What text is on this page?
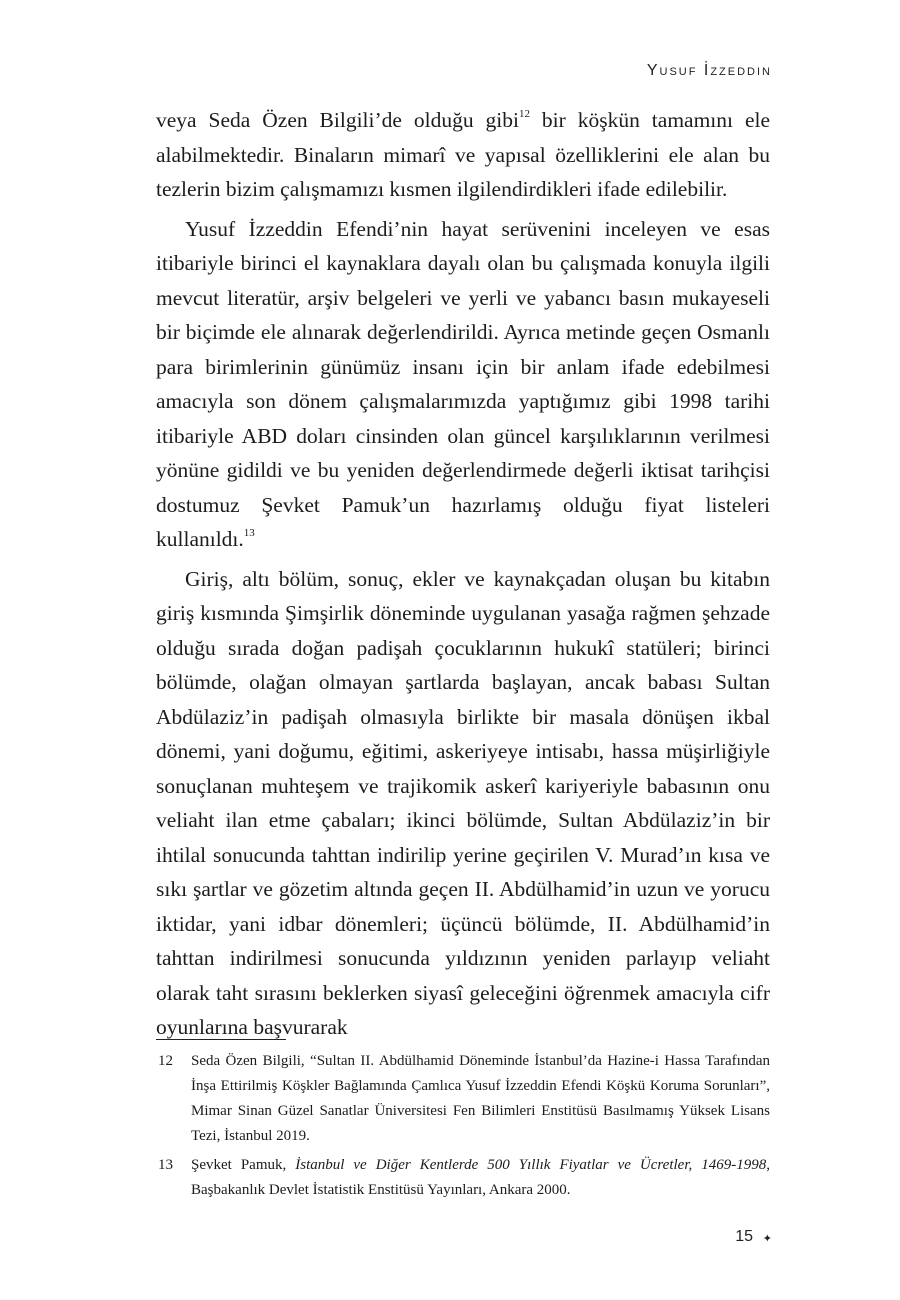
Yusuf İzzeddin

veya Seda Özen Bilgili’de olduğu gibi$^{12}$ bir köşkün tamamını ele alabilmektedir. Binaların mimarî ve yapısal özelliklerini ele alan bu tezlerin bizim çalışmamızı kısmen ilgilendirdikleri ifade edilebilir.

Yusuf İzzeddin Efendi’nin hayat serüvenini inceleyen ve esas itibariyle birinci el kaynaklara dayalı olan bu çalışmada konuyla ilgili mevcut literatür, arşiv belgeleri ve yerli ve yabancı basın mukayeseli bir biçimde ele alınarak değerlendirildi. Ayrıca metinde geçen Osmanlı para birimlerinin günümüz insanı için bir anlam ifade edebilmesi amacıyla son dönem çalışmalarımızda yaptığımız gibi 1998 tarihi itibariyle ABD doları cinsinden olan güncel karşılıklarının verilmesi yönüne gidildi ve bu yeniden değerlendirmede değerli iktisat tarihçisi dostumuz Şevket Pamuk’un hazırlamış olduğu fiyat listeleri kullanıldı.$^{13}$

Giriş, altı bölüm, sonuç, ekler ve kaynakçadan oluşan bu kitabın giriş kısmında Şimşirlik döneminde uygulanan yasağa rağmen şehzade olduğu sırada doğan padişah çocuklarının hukukî statüleri; birinci bölümde, olağan olmayan şartlarda başlayan, ancak babası Sultan Abdülaziz’in padişah olmasıyla birlikte bir masala dönüşen ikbal dönemi, yani doğumu, eğitimi, askeriyeye intisabı, hassa müşirliğiyle sonuçlanan muhteşem ve trajikomik askerî kariyeriyle babasının onu veliaht ilan etme çabaları; ikinci bölümde, Sultan Abdülaziz’in bir ihtilal sonucunda tahttan indirilip yerine geçirilen V. Murad’ın kısa ve sıkı şartlar ve gözetim altında geçen II. Abdülhamid’in uzun ve yorucu iktidar, yani idbar dönemleri; üçüncü bölümde, II. Abdülhamid’in tahttan indirilmesi sonucunda yıldızının yeniden parlayıp veliaht olarak taht sırasını beklerken siyasî geleceğini öğrenmek amacıyla cifr oyunlarına başvurarak

12	Seda Özen Bilgili, “Sultan II. Abdülhamid Döneminde İstanbul’da Hazine-i Hassa Tarafından İnşa Ettirilmiş Köşkler Bağlamında Çamlıca Yusuf İzzeddin Efendi Köşkü Koruma Sorunları”, Mimar Sinan Güzel Sanatlar Üniversitesi Fen Bilimleri Enstitüsü Basılmamış Yüksek Lisans Tezi, İstanbul 2019.
13	Şevket Pamuk, İstanbul ve Diğer Kentlerde 500 Yıllık Fiyatlar ve Ücretler, 1469-1998, Başbakanlık Devlet İstatistik Enstitüsü Yayınları, Ankara 2000.
15 ✦
